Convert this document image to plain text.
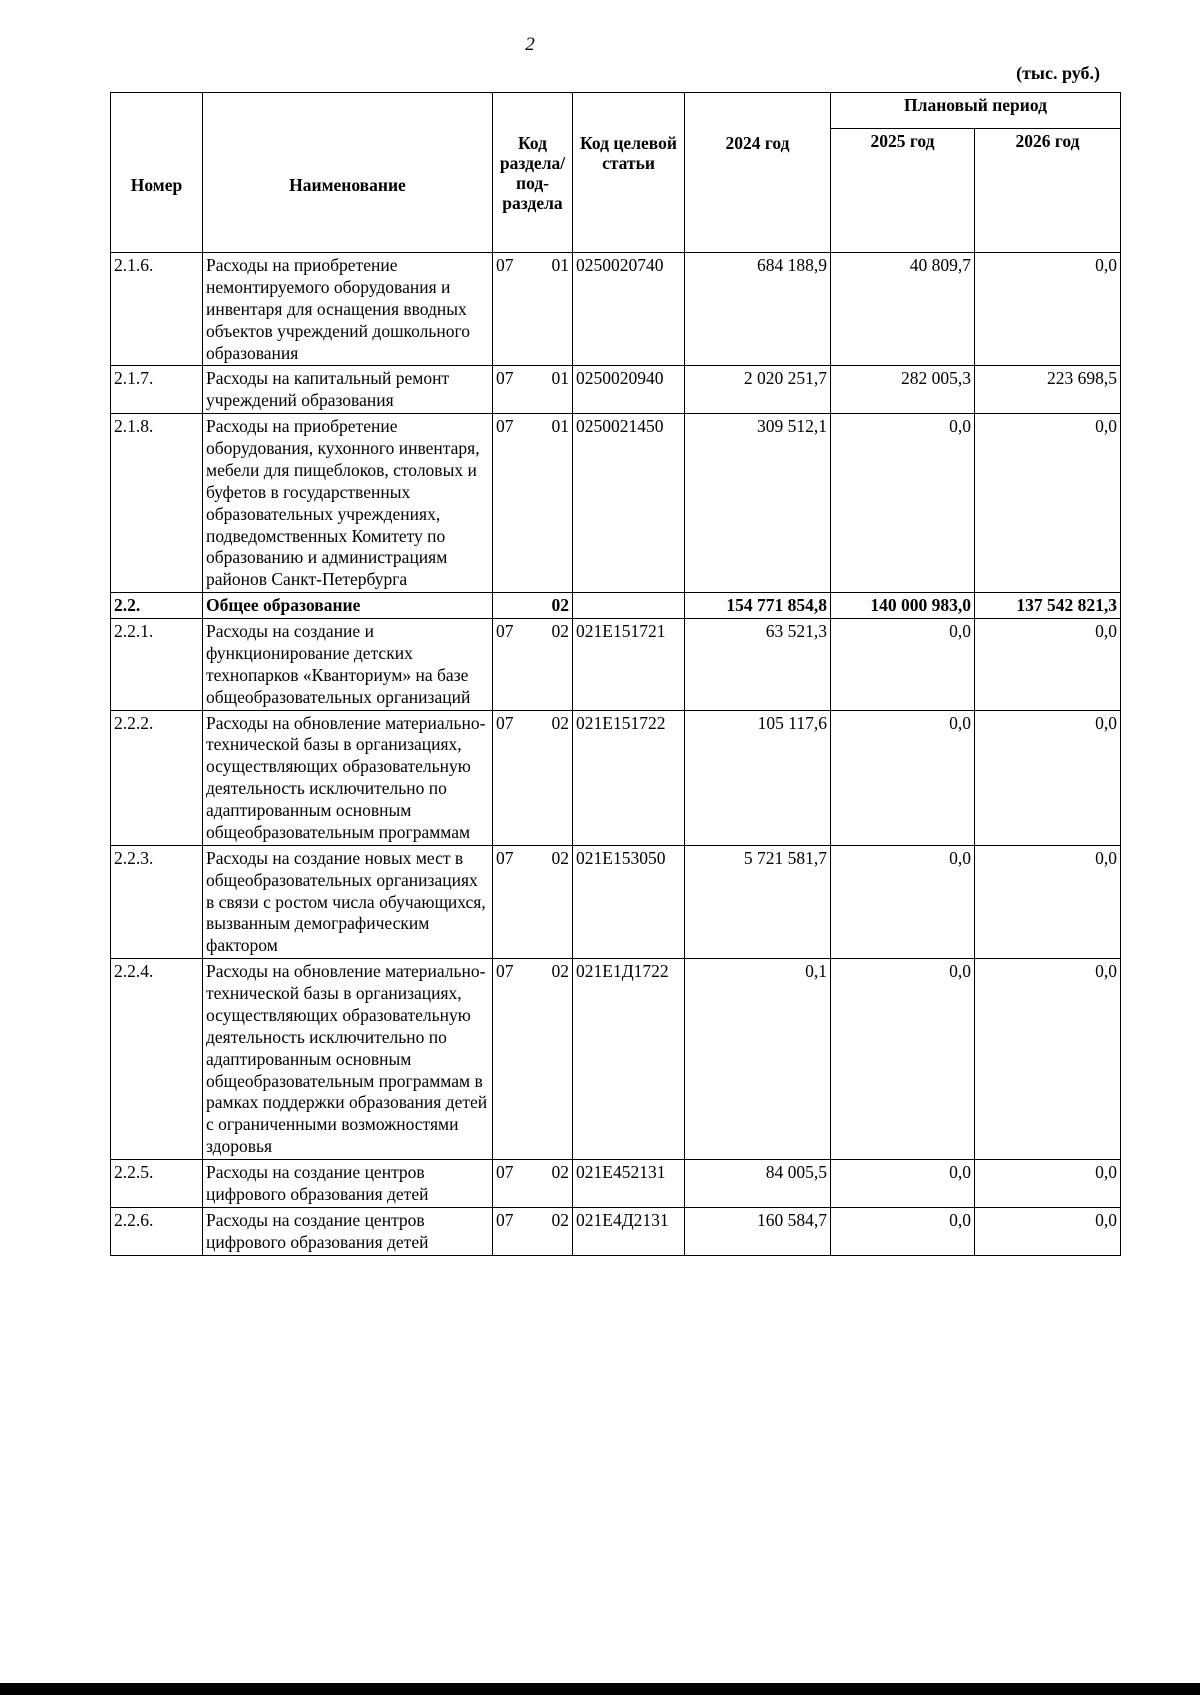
2
(тыс. руб.)
Номер	Наименование	Код раздела/ под-раздела	Код целевой статьи	2024 год	Плановый период	
					2025 год	2026 год
2.1.6.	Расходы на приобретение немонтируемого оборудования и инвентаря для оснащения вводных объектов учреждений дошкольного образования	07 01	0250020740	684 188,9	40 809,7	0,0
2.1.7.	Расходы на капитальный ремонт учреждений образования	07 01	0250020940	2 020 251,7	282 005,3	223 698,5
2.1.8.	Расходы на приобретение оборудования, кухонного инвентаря, мебели для пищеблоков, столовых и буфетов в государственных образовательных учреждениях, подведомственных Комитету по образованию и администрациям районов Санкт-Петербурга	07 01	0250021450	309 512,1	0,0	0,0
2.2.	Общее образование	02		154 771 854,8	140 000 983,0	137 542 821,3
2.2.1.	Расходы на создание и функционирование детских технопарков «Кванториум» на базе общеобразовательных организаций	07 02	021E151721	63 521,3	0,0	0,0
2.2.2.	Расходы на обновление материально-технической базы в организациях, осуществляющих образовательную деятельность исключительно по адаптированным основным общеобразовательным программам	07 02	021E151722	105 117,6	0,0	0,0
2.2.3.	Расходы на создание новых мест в общеобразовательных организациях в связи с ростом числа обучающихся, вызванным демографическим фактором	07 02	021E153050	5 721 581,7	0,0	0,0
2.2.4.	Расходы на обновление материально-технической базы в организациях, осуществляющих образовательную деятельность исключительно по адаптированным основным общеобразовательным программам в рамках поддержки образования детей с ограниченными возможностями здоровья	07 02	021E1Д1722	0,1	0,0	0,0
2.2.5.	Расходы на создание центров цифрового образования детей	07 02	021E452131	84 005,5	0,0	0,0
2.2.6.	Расходы на создание центров цифрового образования детей	07 02	021E4Д2131	160 584,7	0,0	0,0
